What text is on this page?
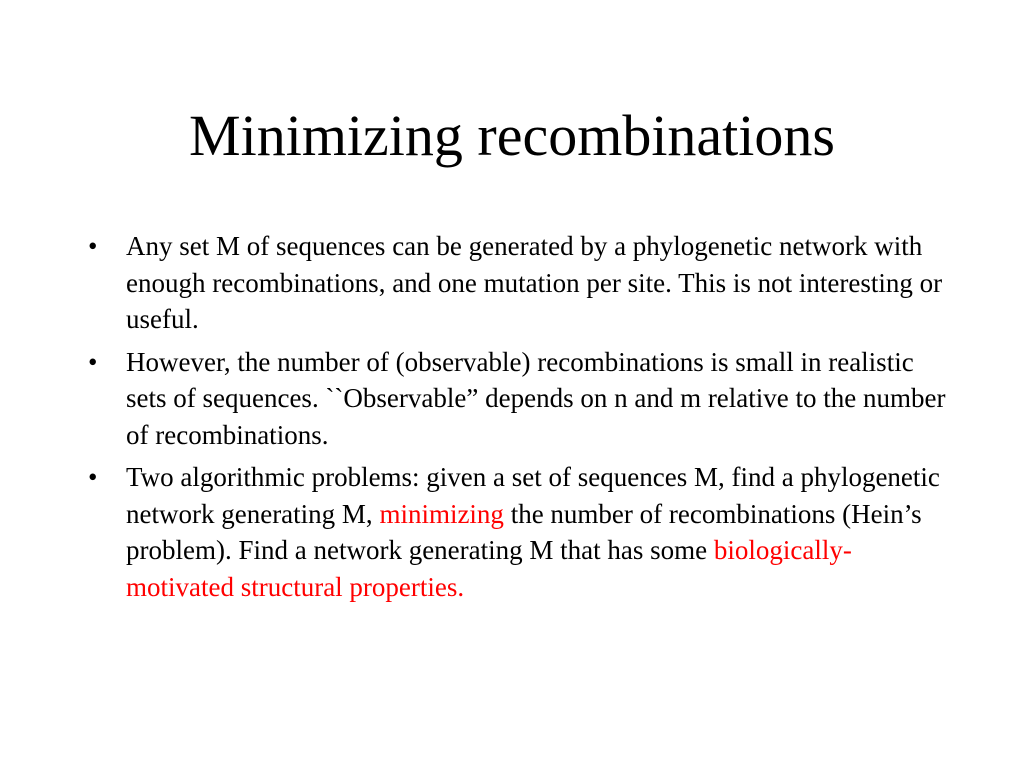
Minimizing recombinations
• Any set M of sequences can be generated by a phylogenetic network with enough recombinations, and one mutation per site. This is not interesting or useful.
• However, the number of (observable) recombinations is small in realistic sets of sequences. ``Observable” depends on n and m relative to the number of recombinations.
• Two algorithmic problems: given a set of sequences M, find a phylogenetic network generating M, minimizing the number of recombinations (Hein’s problem). Find a network generating M that has some biologically-motivated structural properties.
